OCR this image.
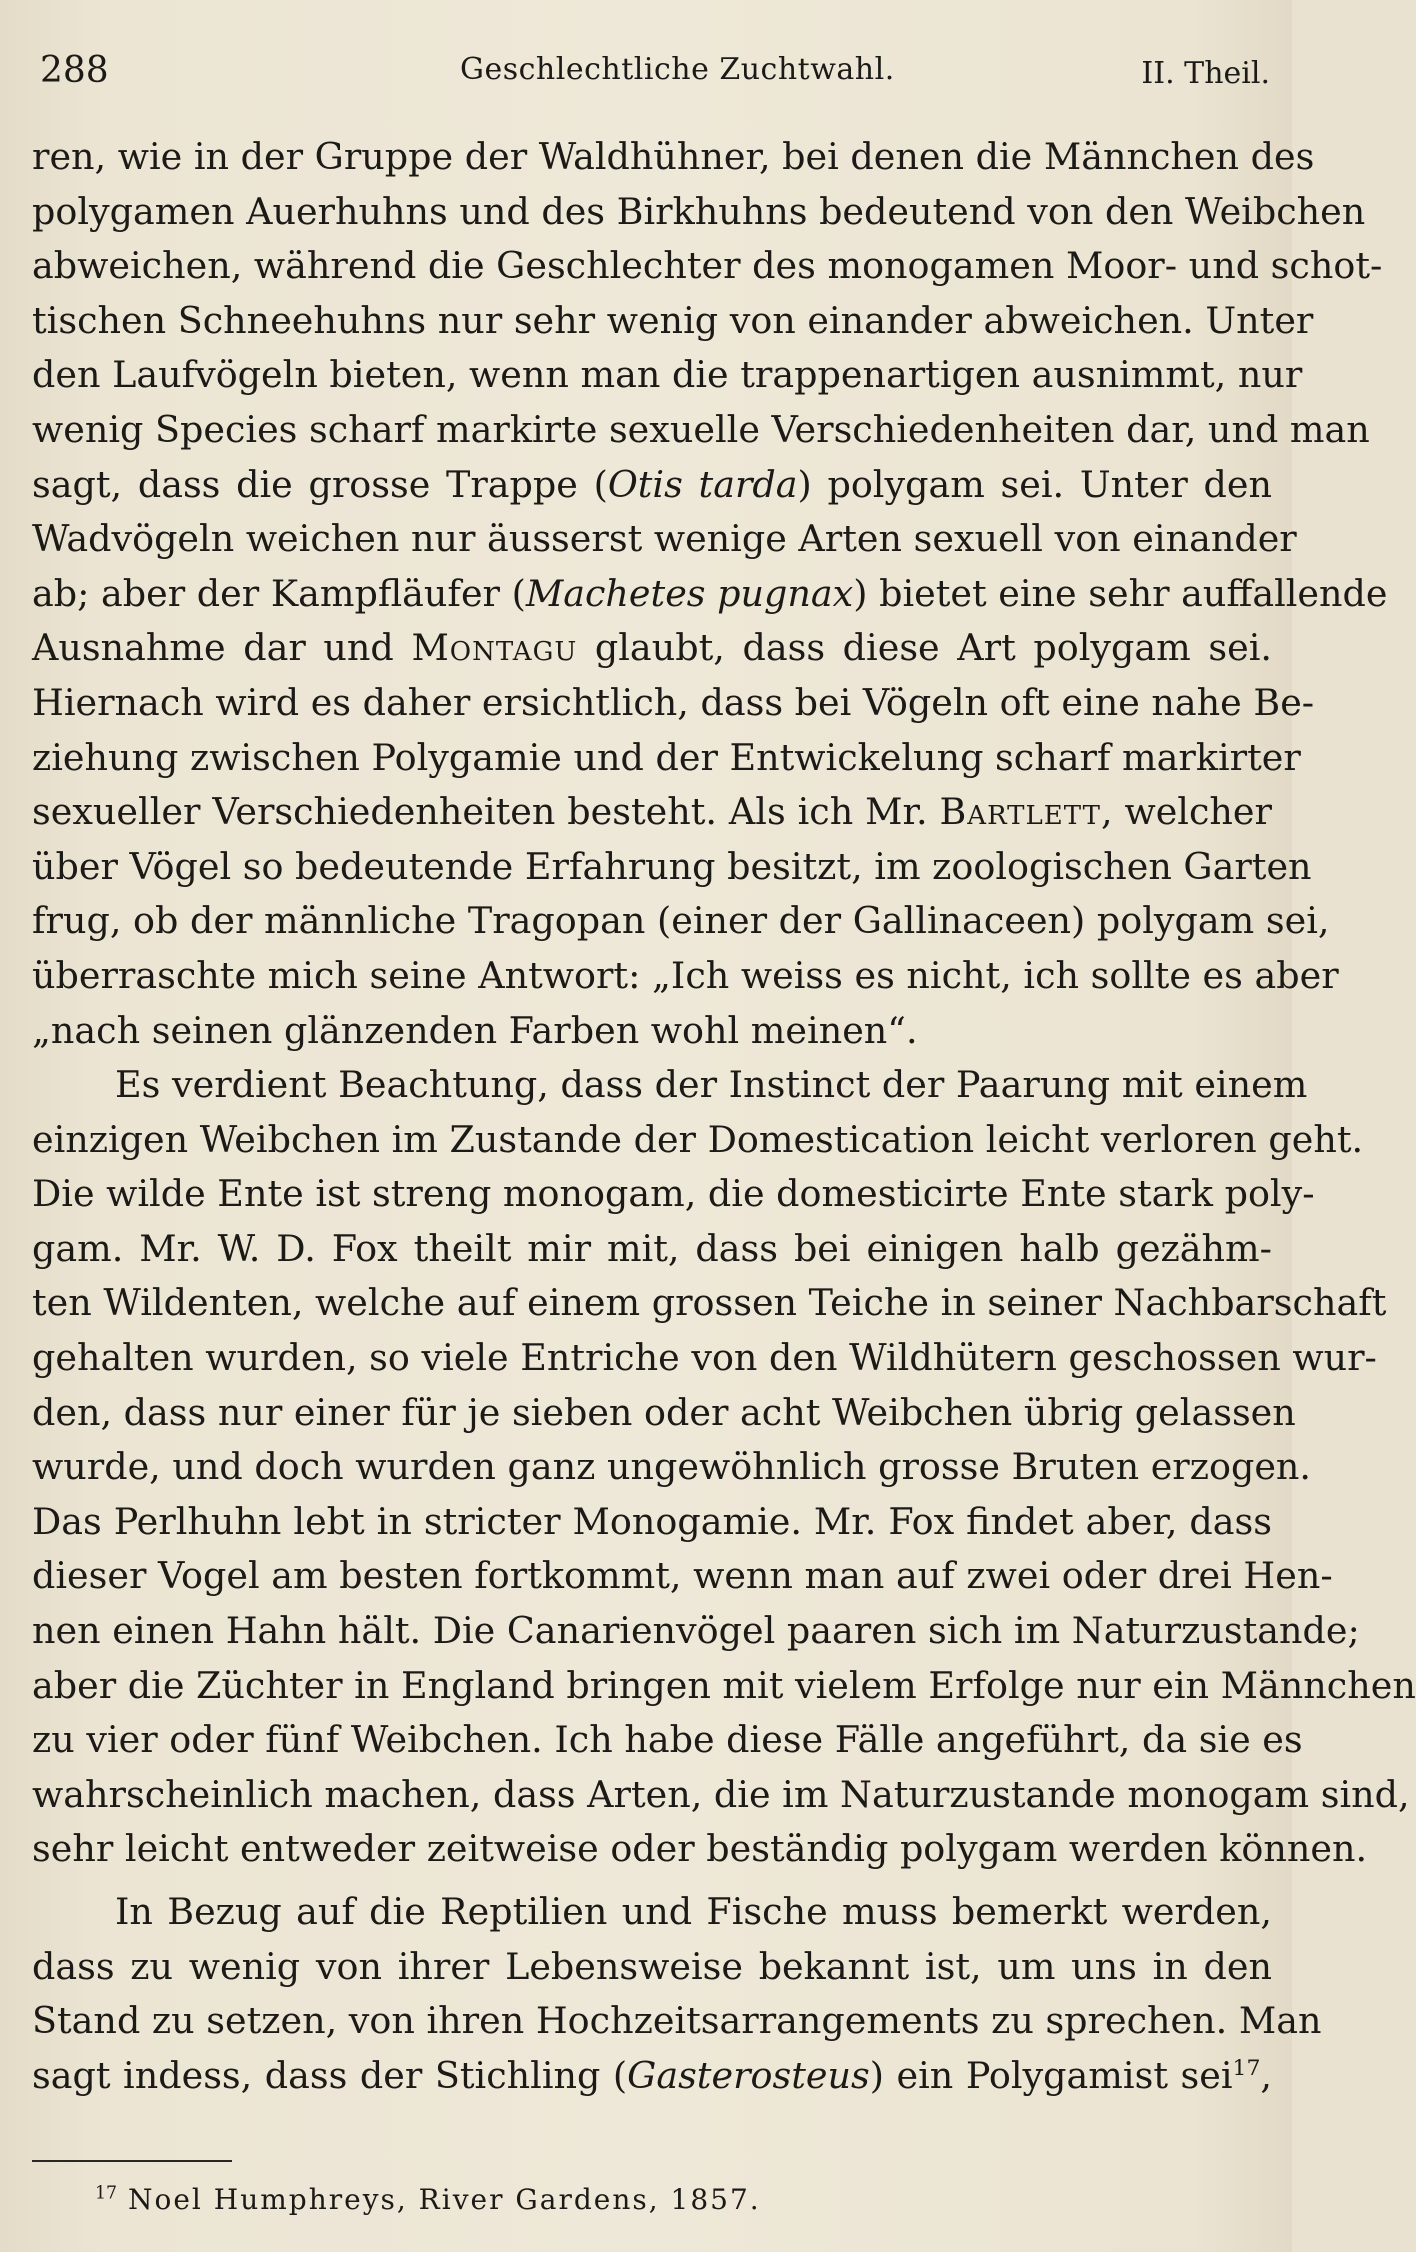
288	Geschlechtliche Zuchtwahl.	II. Theil.
ren, wie in der Gruppe der Waldhühner, bei denen die Männchen des
polygamen Auerhuhns und des Birkhuhns bedeutend von den Weibchen
abweichen, während die Geschlechter des monogamen Moor- und schot-
tischen Schneehuhns nur sehr wenig von einander abweichen. Unter
den Laufvögeln bieten, wenn man die trappenartigen ausnimmt, nur
wenig Species scharf markirte sexuelle Verschiedenheiten dar, und man
sagt, dass die grosse Trappe (Otis tarda) polygam sei. Unter den
Wadvögeln weichen nur äusserst wenige Arten sexuell von einander
ab; aber der Kampfläufer (Machetes pugnax) bietet eine sehr auffallende
Ausnahme dar und Montagu glaubt, dass diese Art polygam sei.
Hiernach wird es daher ersichtlich, dass bei Vögeln oft eine nahe Be-
ziehung zwischen Polygamie und der Entwickelung scharf markirter
sexueller Verschiedenheiten besteht. Als ich Mr. Bartlett, welcher
über Vögel so bedeutende Erfahrung besitzt, im zoologischen Garten
frug, ob der männliche Tragopan (einer der Gallinaceen) polygam sei,
überraschte mich seine Antwort: „Ich weiss es nicht, ich sollte es aber
„nach seinen glänzenden Farben wohl meinen“.
Es verdient Beachtung, dass der Instinct der Paarung mit einem
einzigen Weibchen im Zustande der Domestication leicht verloren geht.
Die wilde Ente ist streng monogam, die domesticirte Ente stark poly-
gam. Mr. W. D. Fox theilt mir mit, dass bei einigen halb gezähm-
ten Wildenten, welche auf einem grossen Teiche in seiner Nachbarschaft
gehalten wurden, so viele Entriche von den Wildhütern geschossen wur-
den, dass nur einer für je sieben oder acht Weibchen übrig gelassen
wurde, und doch wurden ganz ungewöhnlich grosse Bruten erzogen.
Das Perlhuhn lebt in stricter Monogamie. Mr. Fox findet aber, dass
dieser Vogel am besten fortkommt, wenn man auf zwei oder drei Hen-
nen einen Hahn hält. Die Canarienvögel paaren sich im Naturzustande;
aber die Züchter in England bringen mit vielem Erfolge nur ein Männchen
zu vier oder fünf Weibchen. Ich habe diese Fälle angeführt, da sie es
wahrscheinlich machen, dass Arten, die im Naturzustande monogam sind,
sehr leicht entweder zeitweise oder beständig polygam werden können.
In Bezug auf die Reptilien und Fische muss bemerkt werden,
dass zu wenig von ihrer Lebensweise bekannt ist, um uns in den
Stand zu setzen, von ihren Hochzeitsarrangements zu sprechen. Man
sagt indess, dass der Stichling (Gasterosteus) ein Polygamist sei$^{17}$,
$^{17}$ Noel Humphreys, River Gardens, 1857.
